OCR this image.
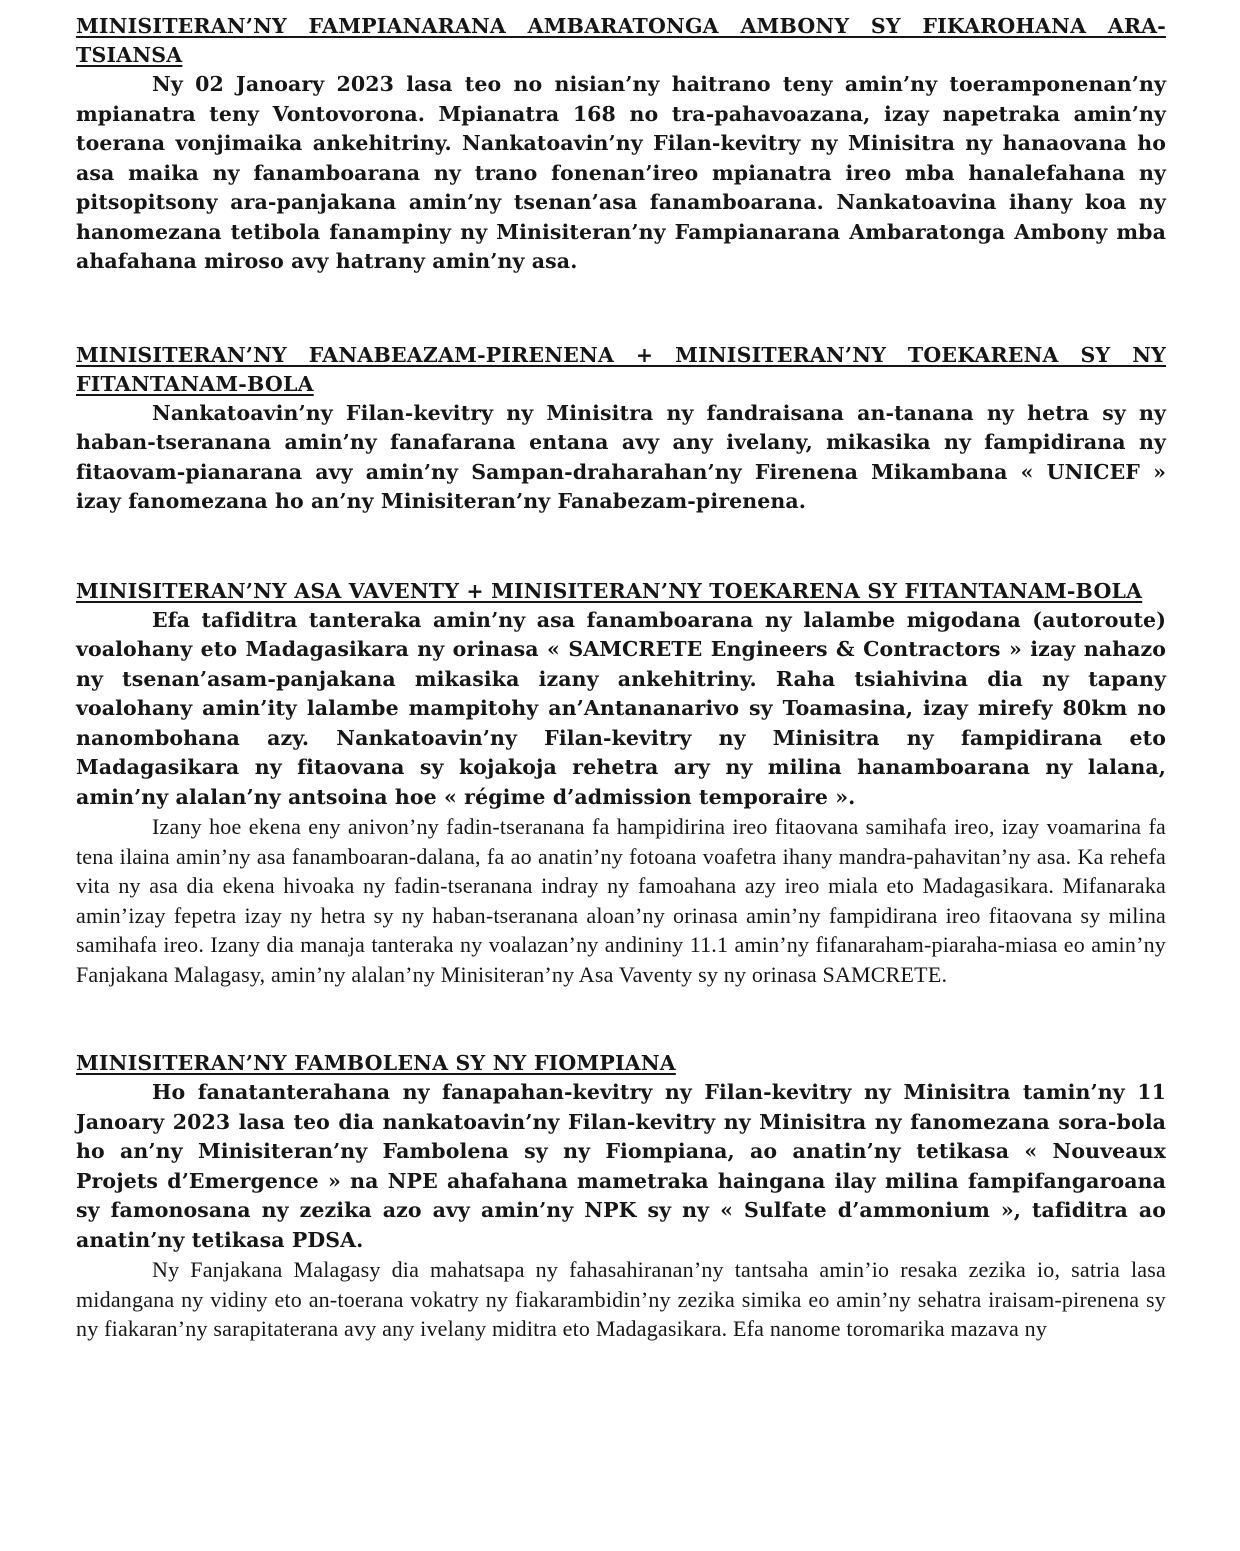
MINISITERAN’NY FAMPIANARANA AMBARATONGA AMBONY SY FIKAROHANA ARA-TSIANSA

Ny 02 Janoary 2023 lasa teo no nisian’ny haitrano teny amin’ny toeramponenan’ny mpianatra teny Vontovorona. Mpianatra 168 no tra-pahavoazana, izay napetraka amin’ny toerana vonjimaika ankehitriny. Nankatoavin’ny Filan-kevitry ny Minisitra ny hanaovana ho asa maika ny fanamboarana ny trano fonenan’ireo mpianatra ireo mba hanalefahana ny pitsopitsony ara-panjakana amin’ny tsenan’asa fanamboarana. Nankatoavina ihany koa ny hanomezana tetibola fanampiny ny Minisiteran’ny Fampianarana Ambaratonga Ambony mba ahafahana miroso avy hatrany amin’ny asa.

MINISITERAN’NY FANABEAZAM-PIRENENA + MINISITERAN’NY TOEKARENA SY NY FITANTANAM-BOLA

Nankatoavin’ny Filan-kevitry ny Minisitra ny fandraisana an-tanana ny hetra sy ny haban-tseranana amin’ny fanafarana entana avy any ivelany, mikasika ny fampidirana ny fitaovam-pianarana avy amin’ny Sampan-draharahan’ny Firenena Mikambana « UNICEF » izay fanomezana ho an’ny Minisiteran’ny Fanabezam-pirenena.

MINISITERAN’NY ASA VAVENTY + MINISITERAN’NY TOEKARENA SY FITANTANAM-BOLA

Efa tafiditra tanteraka amin’ny asa fanamboarana ny lalambe migodana (autoroute) voalohany eto Madagasikara ny orinasa « SAMCRETE Engineers & Contractors » izay nahazo ny tsenan’asam-panjakana mikasika izany ankehitriny. Raha tsiahivina dia ny tapany voalohany amin’ity lalambe mampitohy an’Antananarivo sy Toamasina, izay mirefy 80km no nanombohana azy. Nankatoavin’ny Filan-kevitry ny Minisitra ny fampidirana eto Madagasikara ny fitaovana sy kojakoja rehetra ary ny milina hanamboarana ny lalana, amin’ny alalan’ny antsoina hoe « régime d’admission temporaire ».

Izany hoe ekena eny anivon’ny fadin-tseranana fa hampidirina ireo fitaovana samihafa ireo, izay voamarina fa tena ilaina amin’ny asa fanamboaran-dalana, fa ao anatin’ny fotoana voafetra ihany mandra-pahavitan’ny asa. Ka rehefa vita ny asa dia ekena hivoaka ny fadin-tseranana indray ny famoahana azy ireo miala eto Madagasikara. Mifanaraka amin’izay fepetra izay ny hetra sy ny haban-tseranana aloan’ny orinasa amin’ny fampidirana ireo fitaovana sy milina samihafa ireo. Izany dia manaja tanteraka ny voalazan’ny andininy 11.1 amin’ny fifanaraham-piaraha-miasa eo amin’ny Fanjakana Malagasy, amin’ny alalan’ny Minisiteran’ny Asa Vaventy sy ny orinasa SAMCRETE.

MINISITERAN’NY FAMBOLENA SY NY FIOMPIANA

Ho fanatanterahana ny fanapahan-kevitry ny Filan-kevitry ny Minisitra tamin’ny 11 Janoary 2023 lasa teo dia nankatoavin’ny Filan-kevitry ny Minisitra ny fanomezana sora-bola ho an’ny Minisiteran’ny Fambolena sy ny Fiompiana, ao anatin’ny tetikasa « Nouveaux Projets d’Emergence » na NPE ahafahana mametraka haingana ilay milina fampifangaroana sy famonosana ny zezika azo avy amin’ny NPK sy ny « Sulfate d’ammonium », tafiditra ao anatin’ny tetikasa PDSA.

Ny Fanjakana Malagasy dia mahatsapa ny fahasahiranan’ny tantsaha amin’io resaka zezika io, satria lasa midangana ny vidiny eto an-toerana vokatry ny fiakarambidin’ny zezika simika eo amin’ny sehatra iraisam-pirenena sy ny fiakaran’ny sarapitaterana avy any ivelany miditra eto Madagasikara. Efa nanome toromarika mazava ny
